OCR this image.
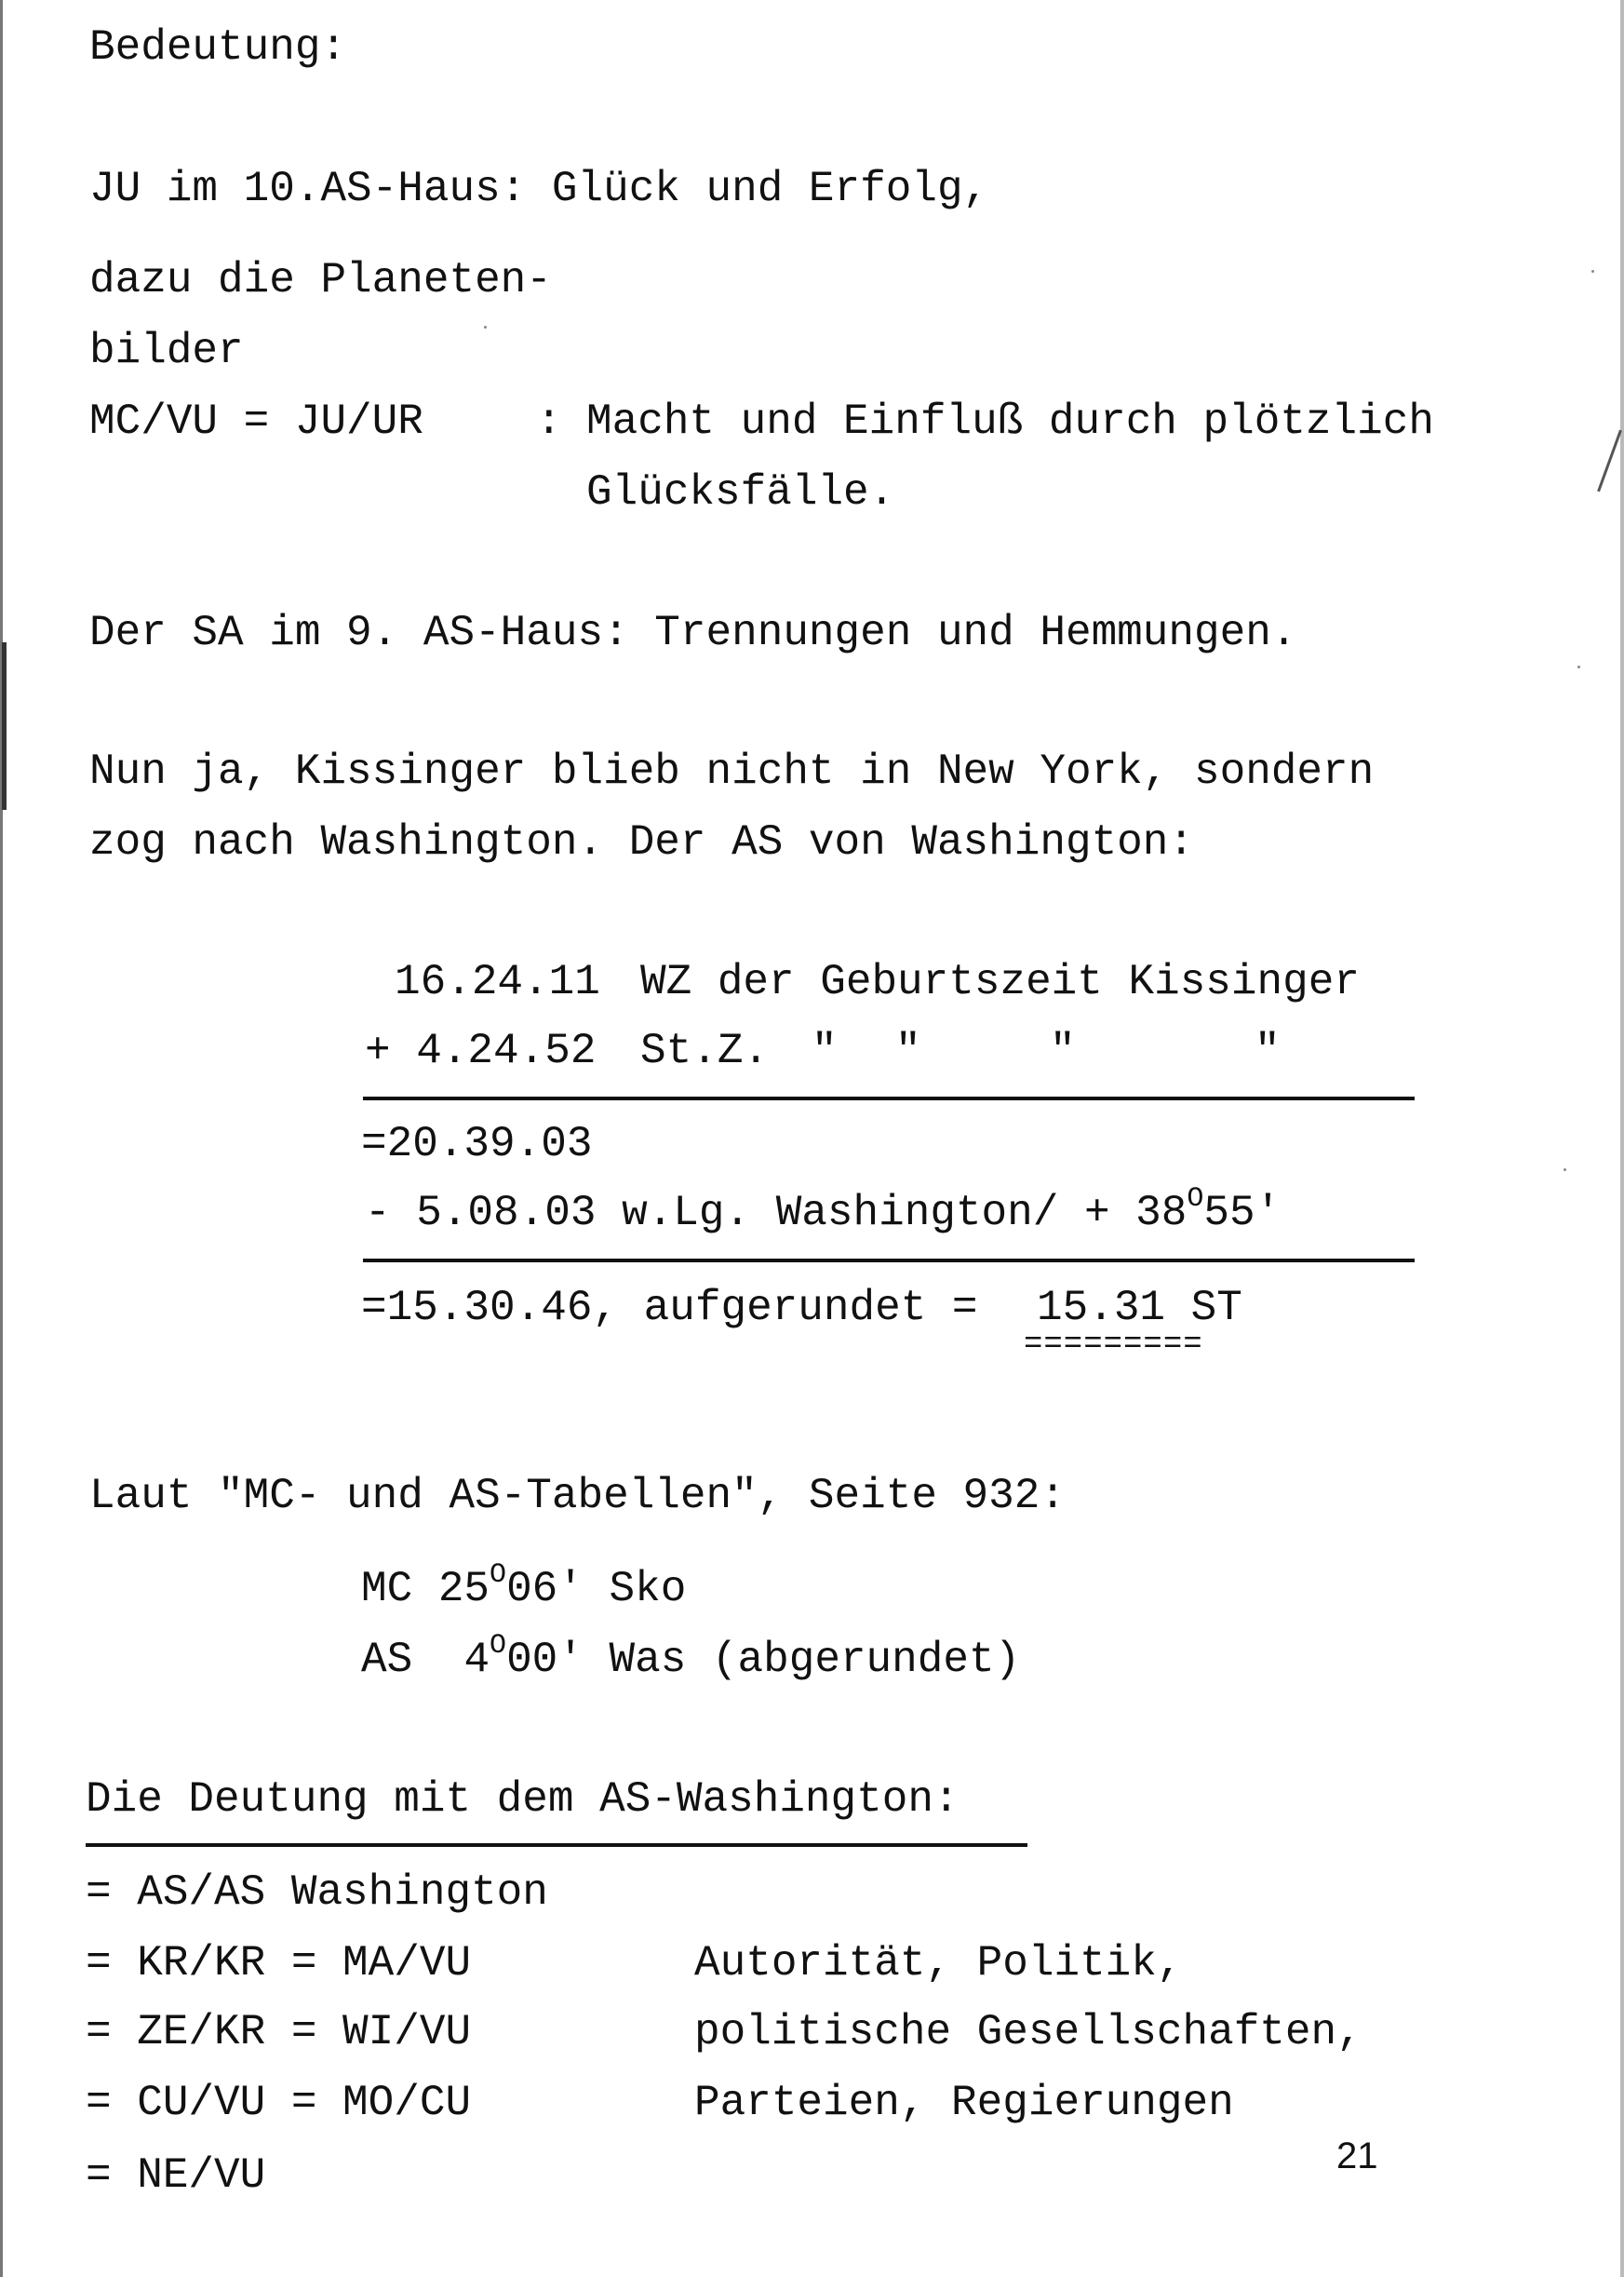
Bedeutung:
JU im 10.AS-Haus: Glück und Erfolg,
dazu die Planeten-
bilder
MC/VU = JU/UR	: Macht und Einfluß durch plötzlich
Glücksfälle.
Der SA im 9. AS-Haus: Trennungen und Hemmungen.
Nun ja, Kissinger blieb nicht in New York, sondern
zog nach Washington. Der AS von Washington:
16.24.11 WZ der Geburtszeit Kissinger
+ 4.24.52 St.Z. " "	"	"
=20.39.03
- 5.08.03 w.Lg. Washington/ + $38^O55'$
=15.30.46, aufgerundet = 15.31 ST
=========
Laut "MC- und AS-Tabellen", Seite 932:
MC $25^O06'$ Sko
AS $4^O00'$ Was (abgerundet)
Die Deutung mit dem AS-Washington:
= AS/AS Washington
= KR/KR = MA/VU	Autorität, Politik,
= ZE/KR = WI/VU	politische Gesellschaften,
= CU/VU = MO/CU	Parteien, Regierungen
= NE/VU	21
